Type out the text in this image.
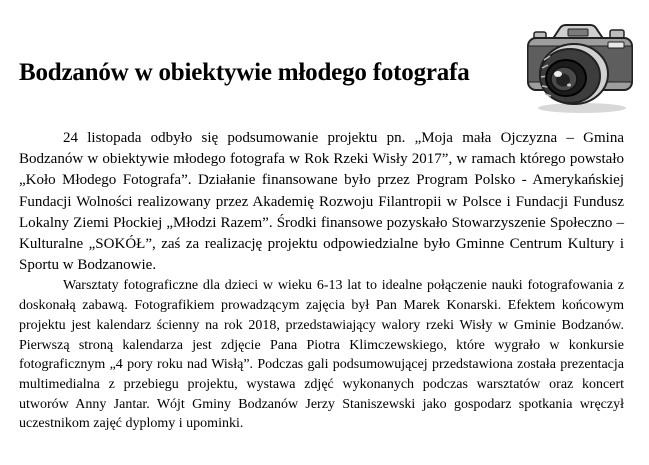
Bodzanów w obiektywie młodego fotografa

24 listopada odbyło się podsumowanie projektu pn. „Moja mała Ojczyzna – Gmina Bodzanów w obiektywie młodego fotografa w Rok Rzeki Wisły 2017”, w ramach którego powstało „Koło Młodego Fotografa”. Działanie finansowane było przez Program Polsko - Amerykańskiej Fundacji Wolności realizowany przez Akademię Rozwoju Filantropii w Polsce i Fundacji Fundusz Lokalny Ziemi Płockiej „Młodzi Razem”. Środki finansowe pozyskało Stowarzyszenie Społeczno – Kulturalne „SOKÓŁ”, zaś za realizację projektu odpowiedzialne było Gminne Centrum Kultury i Sportu w Bodzanowie.

Warsztaty fotograficzne dla dzieci w wieku 6-13 lat to idealne połączenie nauki fotografowania z doskonałą zabawą. Fotografikiem prowadzącym zajęcia był Pan Marek Konarski. Efektem końcowym projektu jest kalendarz ścienny na rok 2018, przedstawiający walory rzeki Wisły w Gminie Bodzanów. Pierwszą stroną kalendarza jest zdjęcie Pana Piotra Klimczewskiego, które wygrało w konkursie fotograficznym „4 pory roku nad Wisłą”. Podczas gali podsumowującej przedstawiona została prezentacja multimedialna z przebiegu projektu, wystawa zdjęć wykonanych podczas warsztatów oraz koncert utworów Anny Jantar. Wójt Gminy Bodzanów Jerzy Staniszewski jako gospodarz spotkania wręczył uczestnikom zajęć dyplomy i upominki.
